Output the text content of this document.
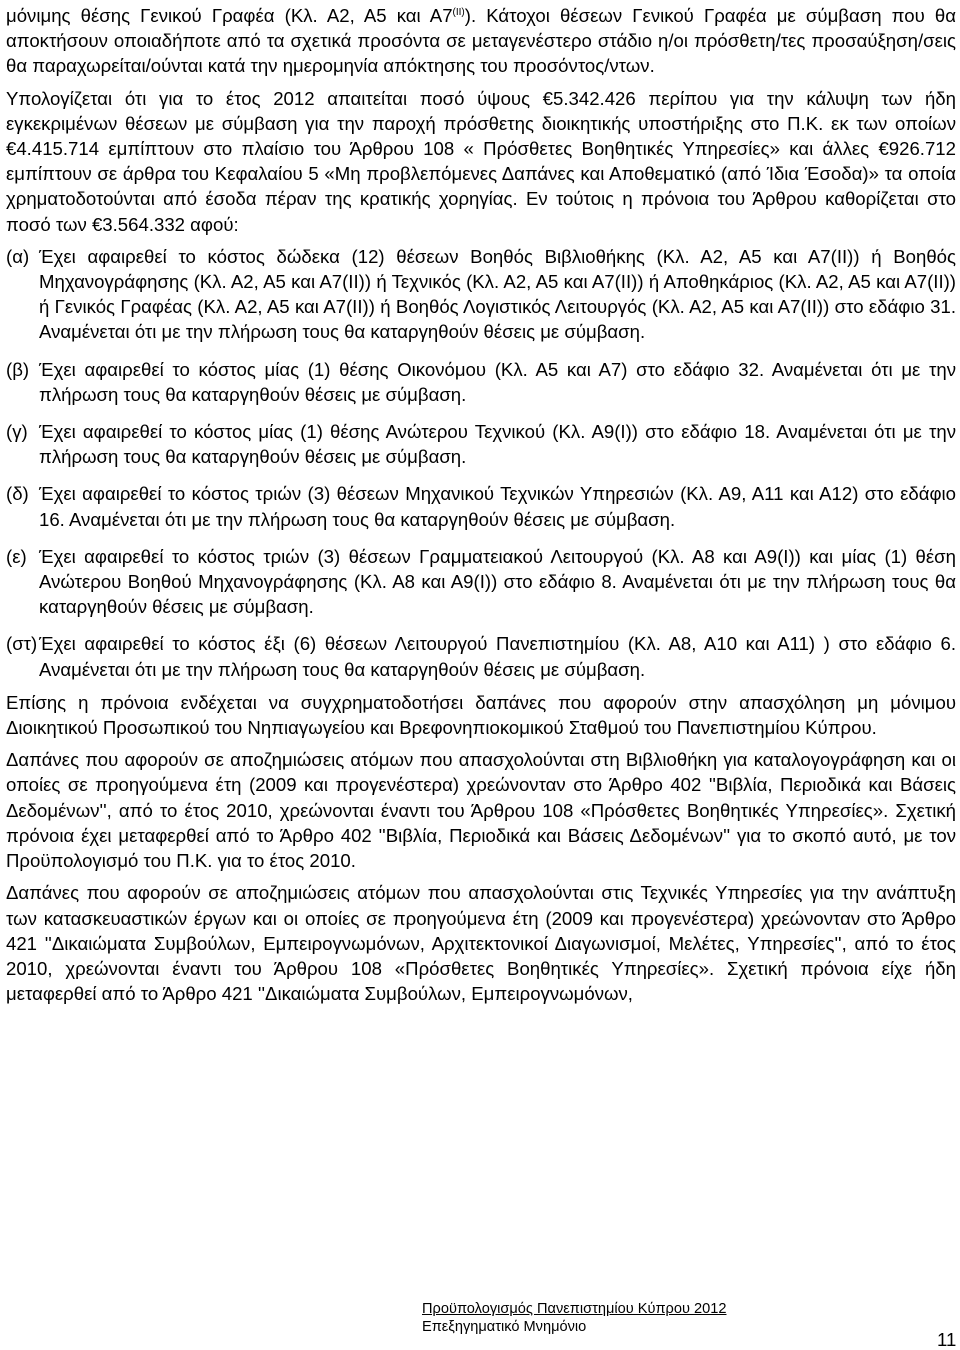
μόνιμης θέσης Γενικού Γραφέα (Κλ. Α2, Α5 και $A7^{(II)}$). Κάτοχοι θέσεων Γενικού Γραφέα με σύμβαση που θα αποκτήσουν οποιαδήποτε από τα σχετικά προσόντα σε μεταγενέστερο στάδιο η/οι πρόσθετη/τες προσαύξηση/σεις θα παραχωρείται/ούνται κατά την ημερομηνία απόκτησης του προσόντος/ντων.

Υπολογίζεται ότι για το έτος 2012 απαιτείται ποσό ύψους €5.342.426 περίπου για την κάλυψη των ήδη εγκεκριμένων θέσεων με σύμβαση για την παροχή πρόσθετης διοικητικής υποστήριξης στο Π.Κ. εκ των οποίων €4.415.714 εμπίπτουν στο πλαίσιο του Άρθρου 108 « Πρόσθετες Βοηθητικές Υπηρεσίες» και άλλες €926.712 εμπίπτουν σε άρθρα του Κεφαλαίου 5 «Μη προβλεπόμενες Δαπάνες και Αποθεματικό (από Ίδια Έσοδα)» τα οποία χρηματοδοτούνται από έσοδα πέραν της κρατικής χορηγίας. Εν τούτοις η πρόνοια του Άρθρου καθορίζεται στο ποσό των €3.564.332 αφού:

(α) Έχει αφαιρεθεί το κόστος δώδεκα (12) θέσεων Βοηθός Βιβλιοθήκης (Κλ. Α2, Α5 και Α7(ΙΙ)) ή Βοηθός Μηχανογράφησης (Κλ. Α2, Α5 και Α7(ΙΙ)) ή Τεχνικός (Κλ. Α2, Α5 και Α7(ΙΙ)) ή Αποθηκάριος (Κλ. Α2, Α5 και Α7(ΙΙ)) ή Γενικός Γραφέας (Κλ. Α2, Α5 και Α7(ΙΙ)) ή Βοηθός Λογιστικός Λειτουργός (Κλ. Α2, Α5 και Α7(ΙΙ)) στο εδάφιο 31. Αναμένεται ότι με την πλήρωση τους θα καταργηθούν θέσεις με σύμβαση.
(β) Έχει αφαιρεθεί το κόστος μίας (1) θέσης Οικονόμου (Κλ. Α5 και Α7) στο εδάφιο 32. Αναμένεται ότι με την πλήρωση τους θα καταργηθούν θέσεις με σύμβαση.
(γ) Έχει αφαιρεθεί το κόστος μίας (1) θέσης Ανώτερου Τεχνικού (Κλ. Α9(Ι)) στο εδάφιο 18. Αναμένεται ότι με την πλήρωση τους θα καταργηθούν θέσεις με σύμβαση.
(δ) Έχει αφαιρεθεί το κόστος τριών (3) θέσεων Μηχανικού Τεχνικών Υπηρεσιών (Κλ. Α9, Α11 και Α12) στο εδάφιο 16. Αναμένεται ότι με την πλήρωση τους θα καταργηθούν θέσεις με σύμβαση.
(ε) Έχει αφαιρεθεί το κόστος τριών (3) θέσεων Γραμματειακού Λειτουργού (Κλ. Α8 και Α9(Ι)) και μίας (1) θέση Ανώτερου Βοηθού Μηχανογράφησης (Κλ. Α8 και Α9(Ι)) στο εδάφιο 8. Αναμένεται ότι με την πλήρωση τους θα καταργηθούν θέσεις με σύμβαση.
(στ)Έχει αφαιρεθεί το κόστος έξι (6) θέσεων Λειτουργού Πανεπιστημίου (Κλ. Α8, Α10 και Α11) ) στο εδάφιο 6. Αναμένεται ότι με την πλήρωση τους θα καταργηθούν θέσεις με σύμβαση.

Επίσης η πρόνοια ενδέχεται να συγχρηματοδοτήσει δαπάνες που αφορούν στην απασχόληση μη μόνιμου Διοικητικού Προσωπικού του Νηπιαγωγείου και Βρεφονηπιοκομικού Σταθμού του Πανεπιστημίου Κύπρου.

Δαπάνες που αφορούν σε αποζημιώσεις ατόμων που απασχολούνται στη Βιβλιοθήκη για καταλογογράφηση και οι οποίες σε προηγούμενα έτη (2009 και προγενέστερα) χρεώνονταν στο Άρθρο 402 ''Βιβλία, Περιοδικά και Βάσεις Δεδομένων'', από το έτος 2010, χρεώνονται έναντι του Άρθρου 108 «Πρόσθετες Βοηθητικές Υπηρεσίες». Σχετική πρόνοια έχει μεταφερθεί από το Άρθρο 402 ''Βιβλία, Περιοδικά και Βάσεις Δεδομένων'' για το σκοπό αυτό, με τον Προϋπολογισμό του Π.Κ. για το έτος 2010.

Δαπάνες που αφορούν σε αποζημιώσεις ατόμων που απασχολούνται στις Τεχνικές Υπηρεσίες για την ανάπτυξη των κατασκευαστικών έργων και οι οποίες σε προηγούμενα έτη (2009 και προγενέστερα) χρεώνονταν στο Άρθρο 421 ''Δικαιώματα Συμβούλων, Εμπειρογνωμόνων, Αρχιτεκτονικοί Διαγωνισμοί, Μελέτες, Υπηρεσίες'', από το έτος 2010, χρεώνονται έναντι του Άρθρου 108 «Πρόσθετες Βοηθητικές Υπηρεσίες». Σχετική πρόνοια είχε ήδη μεταφερθεί από το Άρθρο 421 ''Δικαιώματα Συμβούλων, Εμπειρογνωμόνων,

Προϋπολογισμός Πανεπιστημίου Κύπρου 2012
Επεξηγηματικό Μνημόνιο
11
